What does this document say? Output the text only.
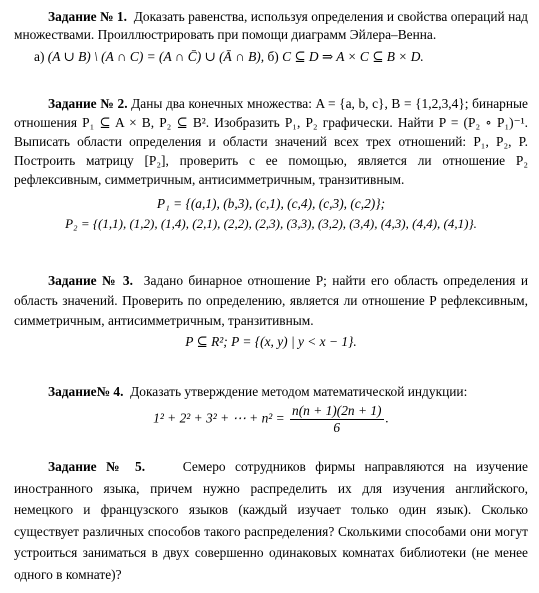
Задание № 1. Доказать равенства, используя определения и свойства операций над множествами. Проиллюстрировать при помощи диаграмм Эйлера–Венна.

а) (A ∪ B) \ (A ∩ C) = (A ∩ C̄) ∪ (Ā ∩ B), б) C ⊆ D ⇒ A × C ⊆ B × D.

Задание № 2. Даны два конечных множества: A = {a, b, c}, B = {1,2,3,4}; бинарные отношения P₁ ⊆ A × B, P₂ ⊆ B². Изобразить P₁, P₂ графически. Найти P = (P₂ ∘ P₁)⁻¹. Выписать области определения и области значений всех трех отношений: P₁, P₂, P. Построить матрицу [P₂], проверить с ее помощью, является ли отношение P₂ рефлексивным, симметричным, антисимметричным, транзитивным.

P₁ = {(a,1), (b,3), (c,1), (c,4), (c,3), (c,2)};

P₂ = {(1,1), (1,2), (1,4), (2,1), (2,2), (2,3), (3,3), (3,2), (3,4), (4,3), (4,4), (4,1)}.

Задание № 3. Задано бинарное отношение P; найти его область определения и область значений. Проверить по определению, является ли отношение P рефлексивным, симметричным, антисимметричным, транзитивным.

P ⊆ R²; P = {(x, y) | y < x − 1}.

Задание№ 4. Доказать утверждение методом математической индукции:

1² + 2² + 3² + ⋯ + $n^2 = \frac{n(n + 1)(2n + 1)}{6}$ .

Задание № 5.	Семеро сотрудников фирмы направляются на изучение иностранного языка, причем нужно распределить их для изучения английского, немецкого и французского языков (каждый изучает только один язык). Сколько существует различных способов такого распределения? Сколькими способами они могут устроиться заниматься в двух совершенно одинаковых комнатах библиотеки (не менее одного в комнате)?
